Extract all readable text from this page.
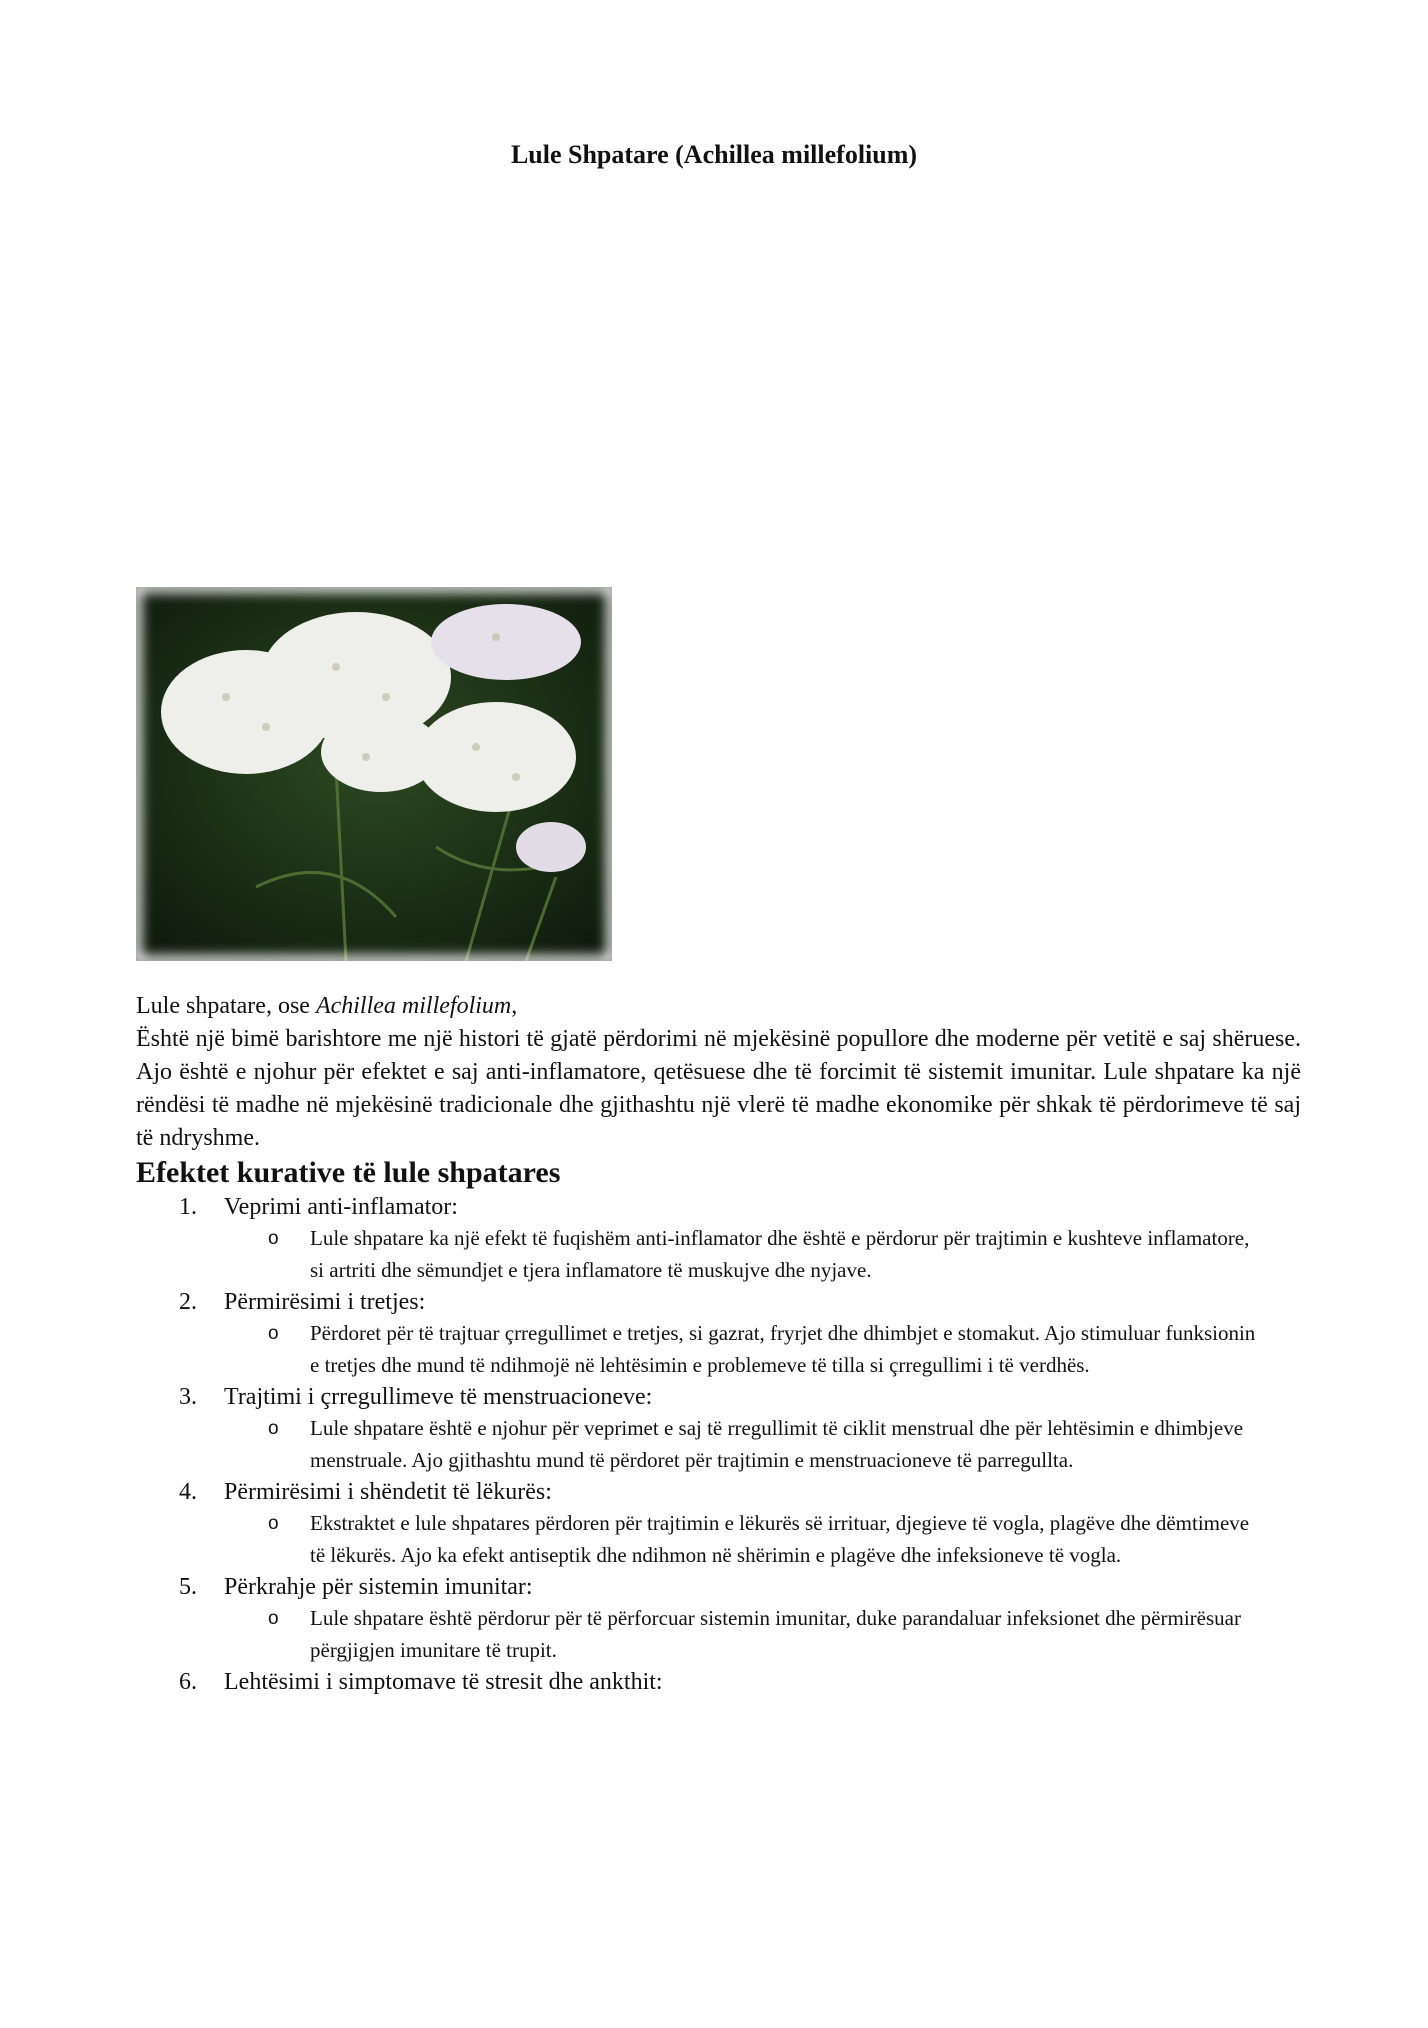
Lule Shpatare (Achillea millefolium)

Lule shpatare, ose Achillea millefolium,

Është një bimë barishtore me një histori të gjatë përdorimi në mjekësinë popullore dhe moderne për vetitë e saj shëruese. Ajo është e njohur për efektet e saj anti-inflamatore, qetësuese dhe të forcimit të sistemit imunitar. Lule shpatare ka një rëndësi të madhe në mjekësinë tradicionale dhe gjithashtu një vlerë të madhe ekonomike për shkak të përdorimeve të saj të ndryshme.

Efektet kurative të lule shpatares
1. Veprimi anti-inflamator:
o Lule shpatare ka një efekt të fuqishëm anti-inflamator dhe është e përdorur për trajtimin e kushteve inflamatore, si artriti dhe sëmundjet e tjera inflamatore të muskujve dhe nyjave.
2. Përmirësimi i tretjes:
o Përdoret për të trajtuar çrregullimet e tretjes, si gazrat, fryrjet dhe dhimbjet e stomakut. Ajo stimuluar funksionin e tretjes dhe mund të ndihmojë në lehtësimin e problemeve të tilla si çrregullimi i të verdhës.
3. Trajtimi i çrregullimeve të menstruacioneve:
o Lule shpatare është e njohur për veprimet e saj të rregullimit të ciklit menstrual dhe për lehtësimin e dhimbjeve menstruale. Ajo gjithashtu mund të përdoret për trajtimin e menstruacioneve të parregullta.
4. Përmirësimi i shëndetit të lëkurës:
o Ekstraktet e lule shpatares përdoren për trajtimin e lëkurës së irrituar, djegieve të vogla, plagëve dhe dëmtimeve të lëkurës. Ajo ka efekt antiseptik dhe ndihmon në shërimin e plagëve dhe infeksioneve të vogla.
5. Përkrahje për sistemin imunitar:
o Lule shpatare është përdorur për të përforcuar sistemin imunitar, duke parandaluar infeksionet dhe përmirësuar përgjigjen imunitare të trupit.
6. Lehtësimi i simptomave të stresit dhe ankthit:
